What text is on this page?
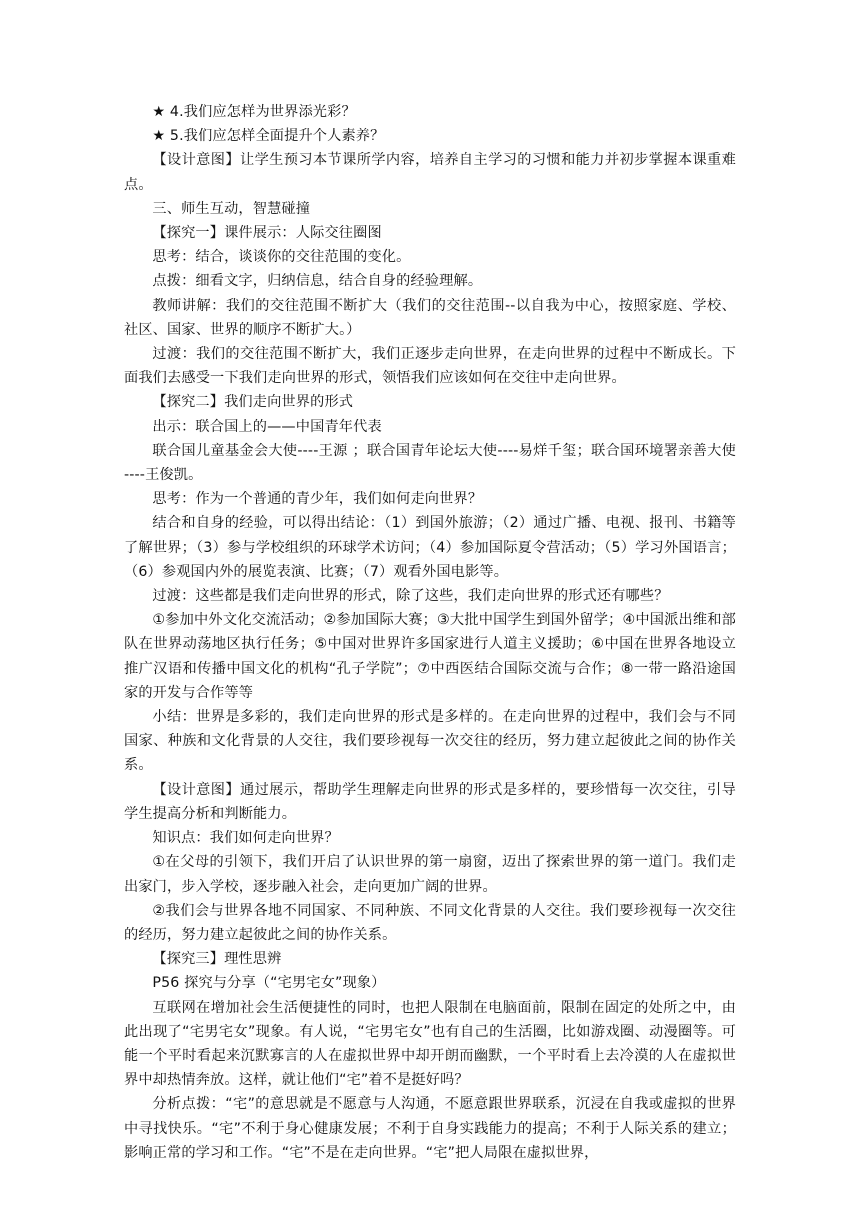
★ 4.我们应怎样为世界添光彩？

★ 5.我们应怎样全面提升个人素养？

【设计意图】让学生预习本节课所学内容，培养自主学习的习惯和能力并初步掌握本课重难点。

三、师生互动，智慧碰撞

【探究一】课件展示：人际交往圈图

思考：结合，谈谈你的交往范围的变化。

点拨：细看文字，归纳信息，结合自身的经验理解。

教师讲解：我们的交往范围不断扩大（我们的交往范围--以自我为中心，按照家庭、学校、社区、国家、世界的顺序不断扩大。）

过渡：我们的交往范围不断扩大，我们正逐步走向世界，在走向世界的过程中不断成长。下面我们去感受一下我们走向世界的形式，领悟我们应该如何在交往中走向世界。

【探究二】我们走向世界的形式

出示：联合国上的——中国青年代表

联合国儿童基金会大使----王源 ；联合国青年论坛大使----易烊千玺；联合国环境署亲善大使 ----王俊凯。

思考：作为一个普通的青少年，我们如何走向世界？

结合和自身的经验，可以得出结论：（1）到国外旅游；（2）通过广播、电视、报刊、书籍等了解世界；（3）参与学校组织的环球学术访问；（4）参加国际夏令营活动；（5）学习外国语言；（6）参观国内外的展览表演、比赛；（7）观看外国电影等。

过渡：这些都是我们走向世界的形式，除了这些，我们走向世界的形式还有哪些？

①参加中外文化交流活动；②参加国际大赛；③大批中国学生到国外留学；④中国派出维和部队在世界动荡地区执行任务；⑤中国对世界许多国家进行人道主义援助；⑥中国在世界各地设立推广汉语和传播中国文化的机构“孔子学院”；⑦中西医结合国际交流与合作；⑧一带一路沿途国家的开发与合作等等

小结：世界是多彩的，我们走向世界的形式是多样的。在走向世界的过程中，我们会与不同国家、种族和文化背景的人交往，我们要珍视每一次交往的经历，努力建立起彼此之间的协作关系。

【设计意图】通过展示，帮助学生理解走向世界的形式是多样的，要珍惜每一次交往，引导学生提高分析和判断能力。

知识点：我们如何走向世界？

①在父母的引领下，我们开启了认识世界的第一扇窗，迈出了探索世界的第一道门。我们走出家门，步入学校，逐步融入社会，走向更加广阔的世界。

②我们会与世界各地不同国家、不同种族、不同文化背景的人交往。我们要珍视每一次交往的经历，努力建立起彼此之间的协作关系。

【探究三】理性思辨

P56 探究与分享（“宅男宅女”现象）

互联网在增加社会生活便捷性的同时，也把人限制在电脑面前，限制在固定的处所之中，由此出现了“宅男宅女”现象。有人说，“宅男宅女”也有自己的生活圈，比如游戏圈、动漫圈等。可能一个平时看起来沉默寡言的人在虚拟世界中却开朗而幽默，一个平时看上去冷漠的人在虚拟世界中却热情奔放。这样，就让他们“宅”着不是挺好吗？

分析点拨：“宅”的意思就是不愿意与人沟通，不愿意跟世界联系，沉浸在自我或虚拟的世界中寻找快乐。“宅”不利于身心健康发展；不利于自身实践能力的提高；不利于人际关系的建立；影响正常的学习和工作。“宅”不是在走向世界。“宅”把人局限在虚拟世界，
